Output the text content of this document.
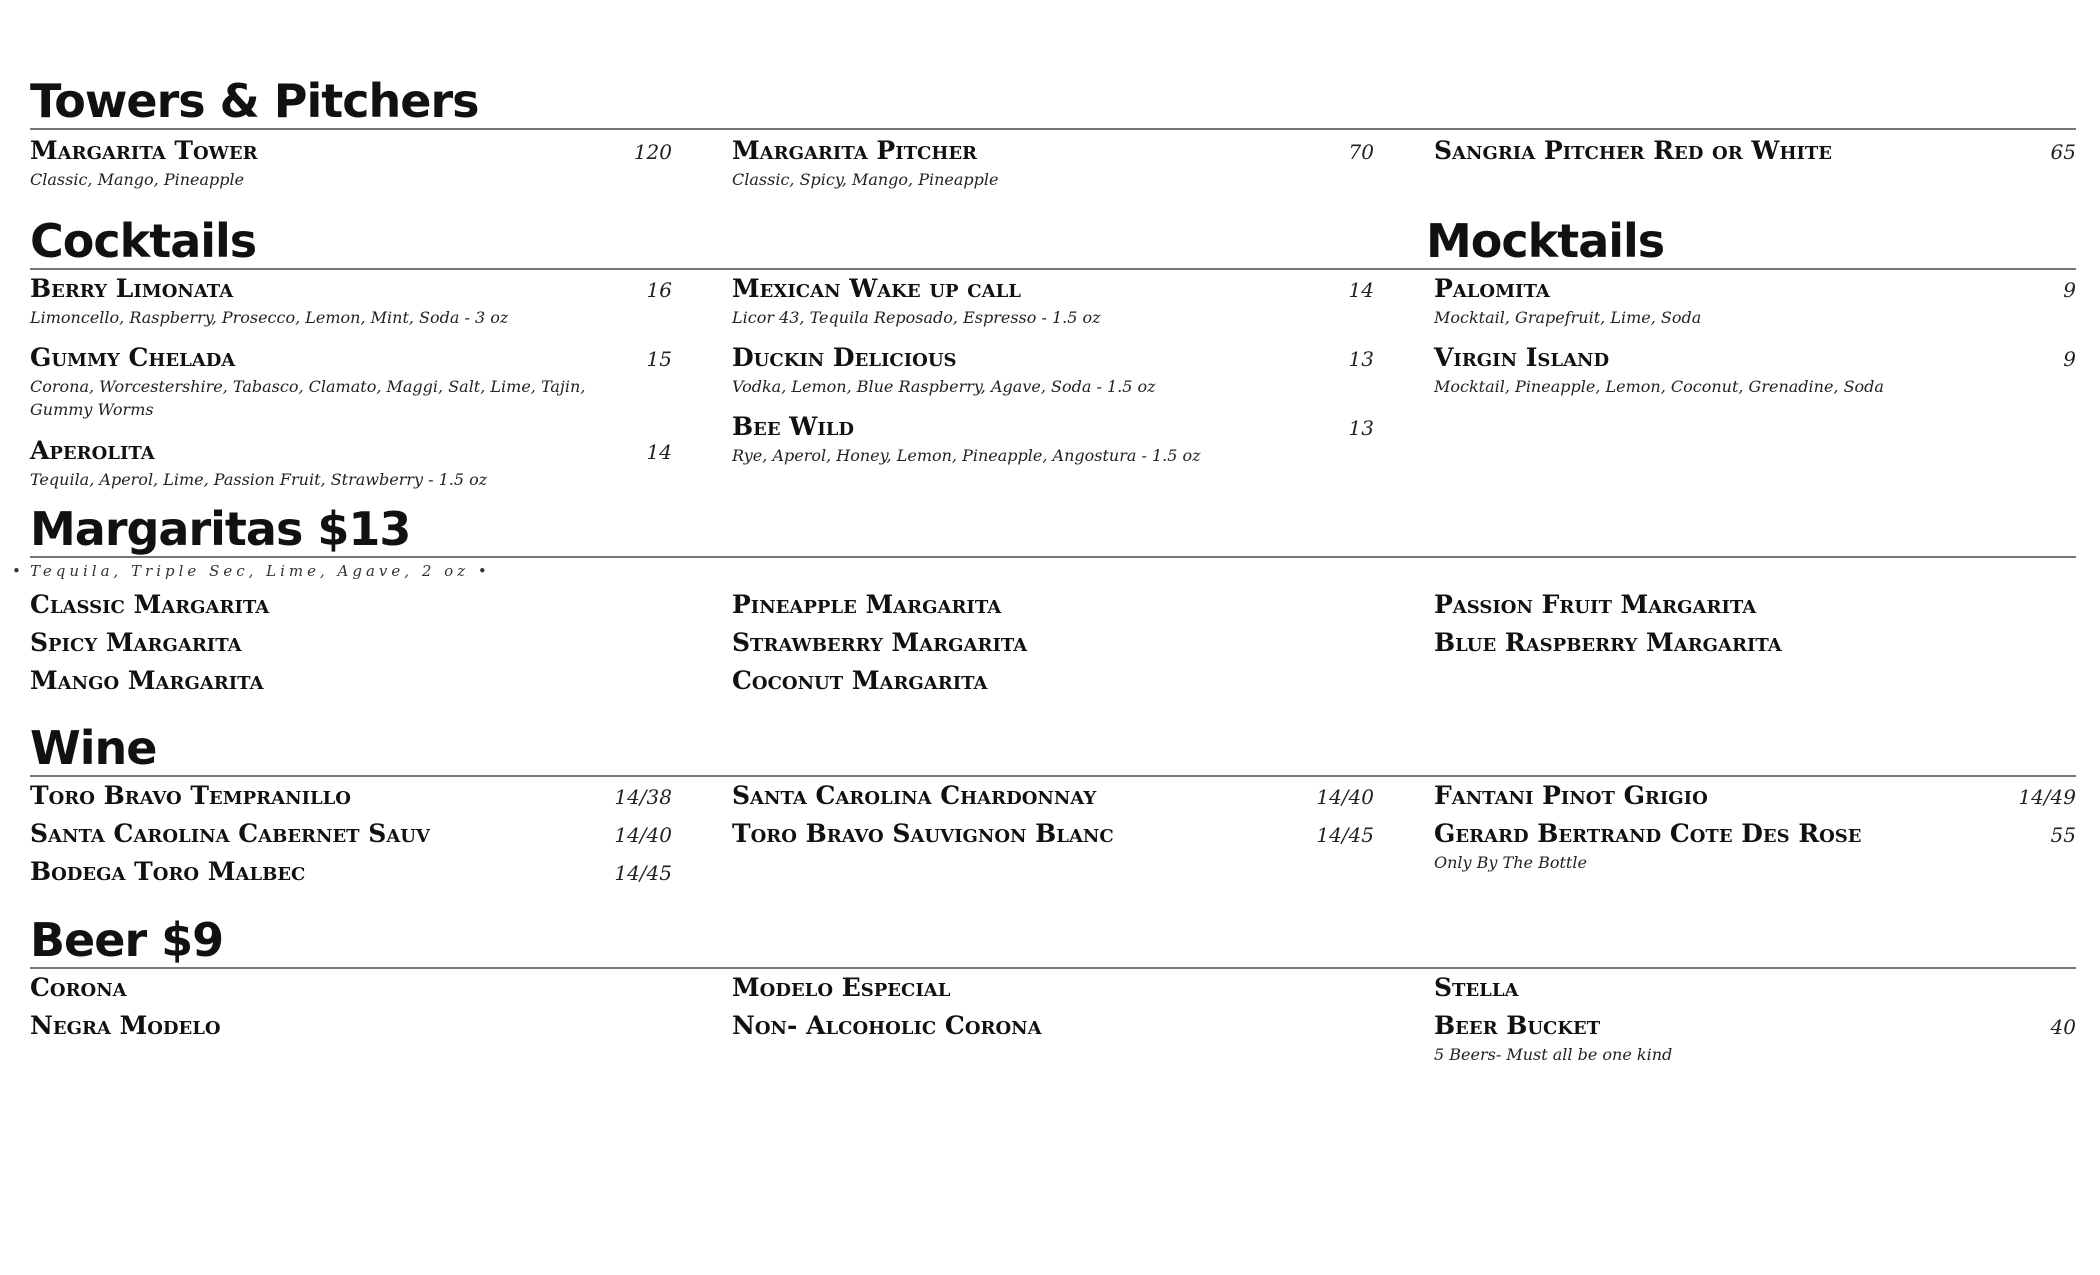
Towers & Pitchers
Margarita Tower	120
Classic, Mango, Pineapple
Margarita Pitcher	70
Classic, Spicy, Mango, Pineapple
Sangria Pitcher Red or White	65
Cocktails	Mocktails
Berry Limonata	16
Limoncello, Raspberry, Prosecco, Lemon, Mint, Soda - 3 oz
Gummy Chelada	15
Corona, Worcestershire, Tabasco, Clamato, Maggi, Salt, Lime, Tajin, Gummy Worms
Aperolita	14
Tequila, Aperol, Lime, Passion Fruit, Strawberry - 1.5 oz
Mexican Wake up call	14
Licor 43, Tequila Reposado, Espresso - 1.5 oz
Duckin Delicious	13
Vodka, Lemon, Blue Raspberry, Agave, Soda - 1.5 oz
Bee Wild	13
Rye, Aperol, Honey, Lemon, Pineapple, Angostura - 1.5 oz
Palomita	9
Mocktail, Grapefruit, Lime, Soda
Virgin Island	9
Mocktail, Pineapple, Lemon, Coconut, Grenadine, Soda
Margaritas $13
• Tequila, Triple Sec, Lime, Agave, 2 oz •
Classic Margarita
Spicy Margarita
Mango Margarita
Pineapple Margarita
Strawberry Margarita
Coconut Margarita
Passion Fruit Margarita
Blue Raspberry Margarita
Wine
Toro Bravo Tempranillo	14/38
Santa Carolina Cabernet Sauv	14/40
Bodega Toro Malbec	14/45
Santa Carolina Chardonnay	14/40
Toro Bravo Sauvignon Blanc	14/45
Fantani Pinot Grigio	14/49
Gerard Bertrand Cote Des Rose	55
Only By The Bottle
Beer $9
Corona
Negra Modelo
Modelo Especial
Non- Alcoholic Corona
Stella
Beer Bucket	40
5 Beers- Must all be one kind
